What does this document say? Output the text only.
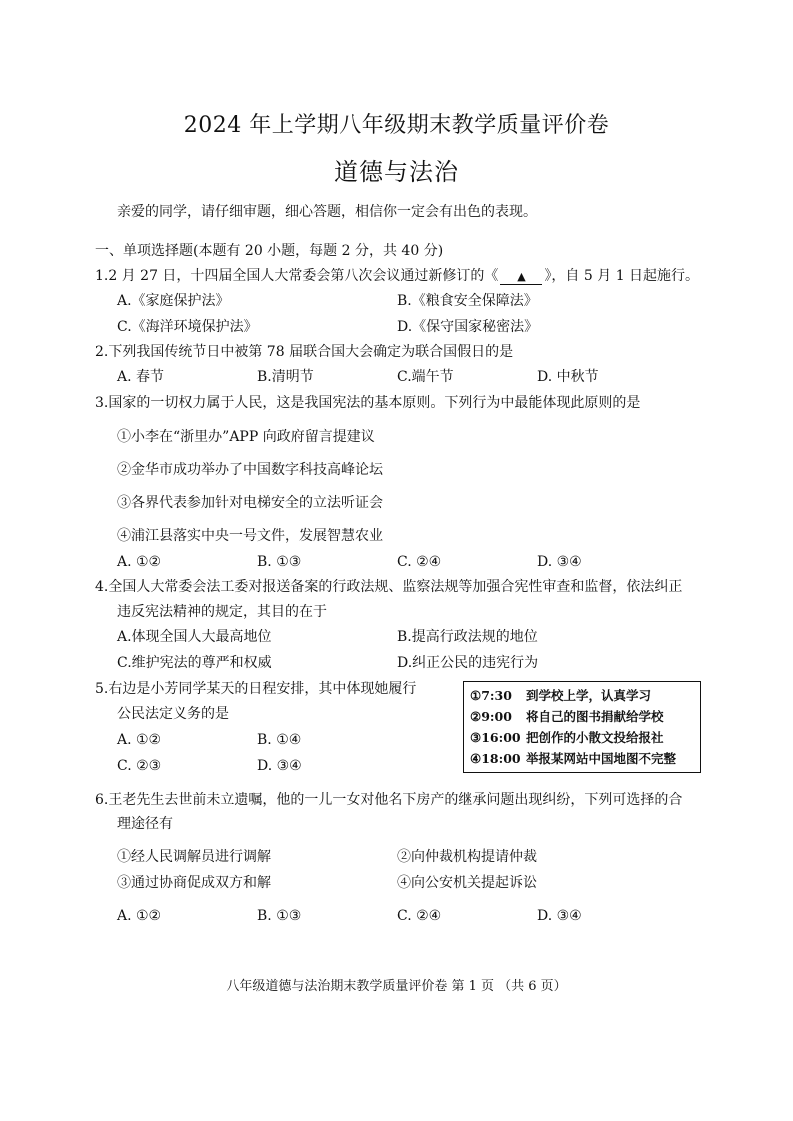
2024 年上学期八年级期末教学质量评价卷
道德与法治
亲爱的同学，请仔细审题，细心答题，相信你一定会有出色的表现。
一、单项选择题(本题有 20 小题，每题 2 分，共 40 分)
1.2 月 27 日，十四届全国人大常委会第八次会议通过新修订的《 ▲ 》，自 5 月 1 日起施行。
A.《家庭保护法》	B.《粮食安全保障法》
C.《海洋环境保护法》	D.《保守国家秘密法》
2.下列我国传统节日中被第 78 届联合国大会确定为联合国假日的是
A. 春节	B.清明节	C.端午节	D. 中秋节
3.国家的一切权力属于人民，这是我国宪法的基本原则。下列行为中最能体现此原则的是
①小李在“浙里办”APP 向政府留言提建议
②金华市成功举办了中国数字科技高峰论坛
③各界代表参加针对电梯安全的立法听证会
④浦江县落实中央一号文件，发展智慧农业
A. ①②	B. ①③	C. ②④	D. ③④
4.全国人大常委会法工委对报送备案的行政法规、监察法规等加强合宪性审查和监督，依法纠正
违反宪法精神的规定，其目的在于
A.体现全国人大最高地位	B.提高行政法规的地位
C.维护宪法的尊严和权威	D.纠正公民的违宪行为
5.右边是小芳同学某天的日程安排，其中体现她履行
公民法定义务的是
A. ①②	B. ①④
C. ②③	D. ③④
①7:30 到学校上学，认真学习
②9:00 将自己的图书捐献给学校
③16:00 把创作的小散文投给报社
④18:00 举报某网站中国地图不完整
6.王老先生去世前未立遗嘱，他的一儿一女对他名下房产的继承问题出现纠纷，下列可选择的合
理途径有
①经人民调解员进行调解	②向仲裁机构提请仲裁
③通过协商促成双方和解	④向公安机关提起诉讼
A. ①②	B. ①③	C. ②④	D. ③④
八年级道德与法治期末教学质量评价卷 第 1 页 （共 6 页）
